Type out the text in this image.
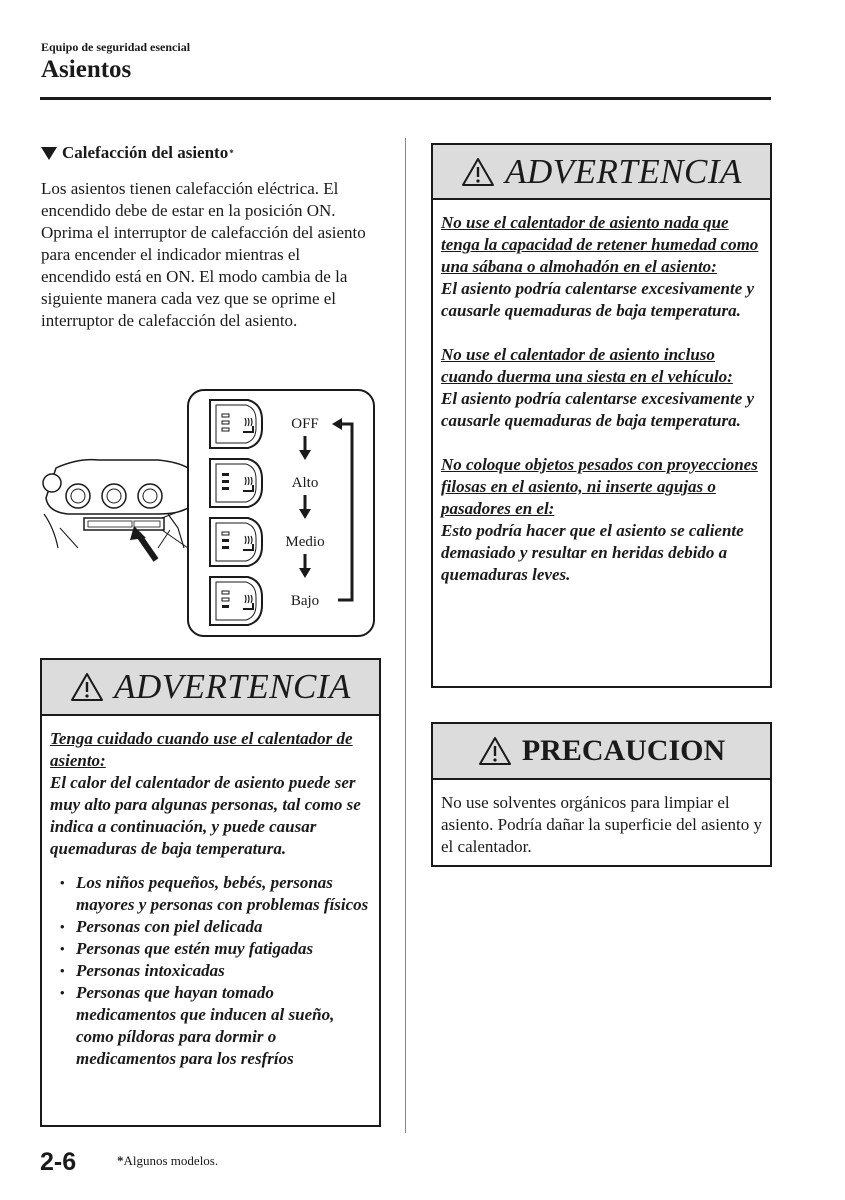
Equipo de seguridad esencial
Asientos
Calefacción del asiento *

Los asientos tienen calefacción eléctrica. El encendido debe de estar en la posición ON.

Oprima el interruptor de calefacción del asiento para encender el indicador mientras el encendido está en ON. El modo cambia de la siguiente manera cada vez que se oprime el interruptor de calefacción del asiento.

OFF
Alto
Medio
Bajo
ADVERTENCIA

Tenga cuidado cuando use el calentador de asiento:

El calor del calentador de asiento puede ser muy alto para algunas personas, tal como se indica a continuación, y puede causar quemaduras de baja temperatura.

• Los niños pequeños, bebés, personas mayores y personas con problemas físicos
• Personas con piel delicada
• Personas que estén muy fatigadas
• Personas intoxicadas
• Personas que hayan tomado medicamentos que inducen al sueño, como píldoras para dormir o medicamentos para los resfríos
ADVERTENCIA

No use el calentador de asiento nada que tenga la capacidad de retener humedad como una sábana o almohadón en el asiento:

El asiento podría calentarse excesivamente y causarle quemaduras de baja temperatura.

No use el calentador de asiento incluso cuando duerma una siesta en el vehículo:

El asiento podría calentarse excesivamente y causarle quemaduras de baja temperatura.

No coloque objetos pesados con proyecciones filosas en el asiento, ni inserte agujas o pasadores en el:

Esto podría hacer que el asiento se caliente demasiado y resultar en heridas debido a quemaduras leves.

PRECAUCION
No use solventes orgánicos para limpiar el asiento. Podría dañar la superficie del asiento y el calentador.
2-6	*Algunos modelos.
